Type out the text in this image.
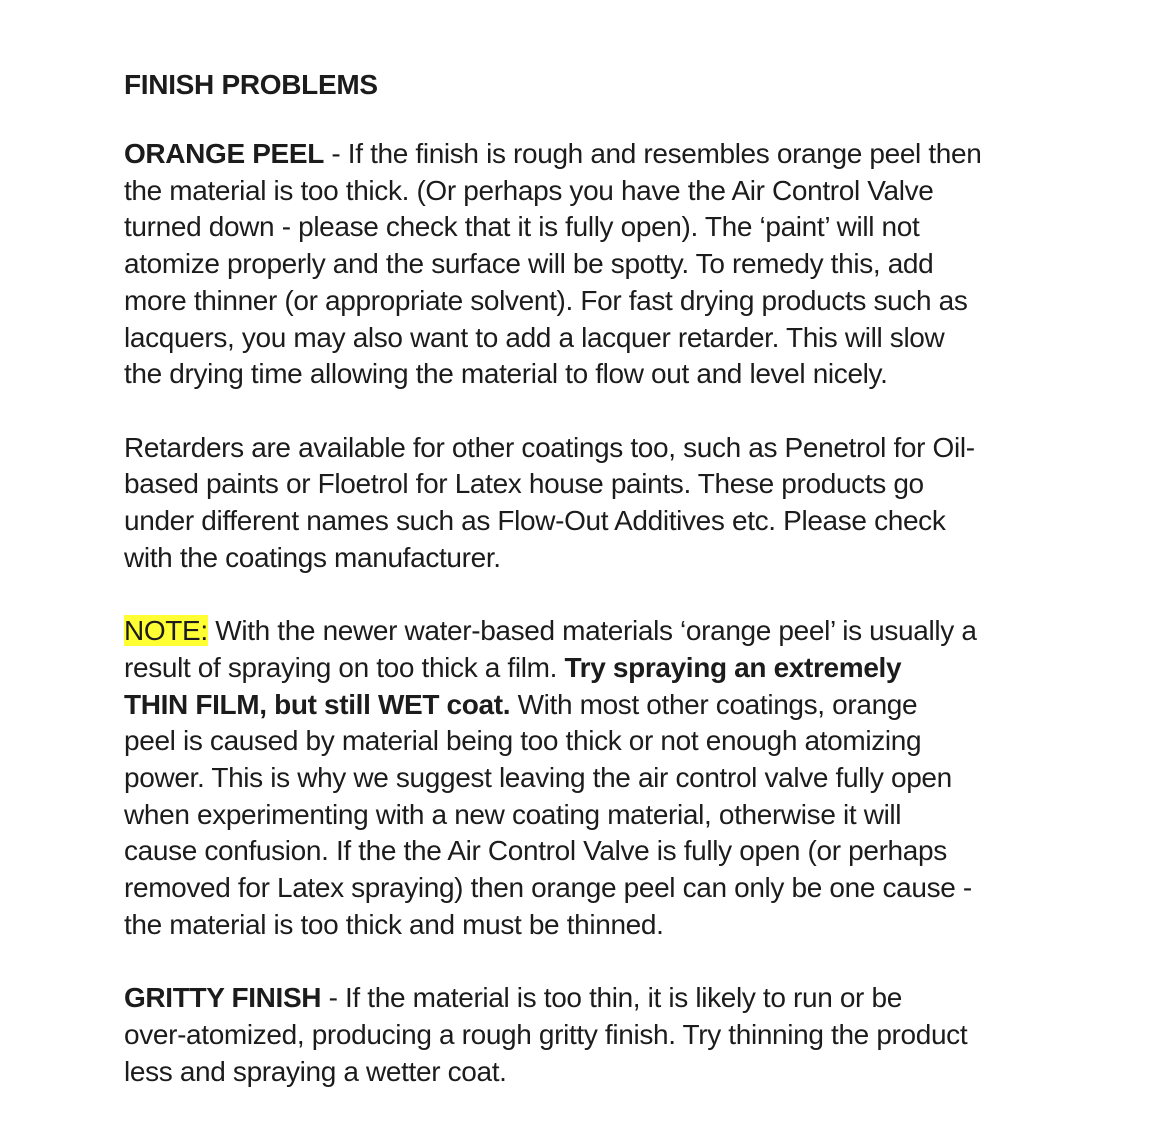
FINISH PROBLEMS

ORANGE PEEL - If the finish is rough and resembles orange peel then
the material is too thick. (Or perhaps you have the Air Control Valve
turned down - please check that it is fully open). The ‘paint’ will not
atomize properly and the surface will be spotty. To remedy this, add
more thinner (or appropriate solvent). For fast drying products such as
lacquers, you may also want to add a lacquer retarder. This will slow
the drying time allowing the material to flow out and level nicely.
Retarders are available for other coatings too, such as Penetrol for Oil-
based paints or Floetrol for Latex house paints. These products go
under different names such as Flow-Out Additives etc. Please check
with the coatings manufacturer.
NOTE: With the newer water-based materials ‘orange peel’ is usually a
result of spraying on too thick a film. Try spraying an extremely
THIN FILM, but still WET coat. With most other coatings, orange
peel is caused by material being too thick or not enough atomizing
power. This is why we suggest leaving the air control valve fully open
when experimenting with a new coating material, otherwise it will
cause confusion. If the the Air Control Valve is fully open (or perhaps
removed for Latex spraying) then orange peel can only be one cause -
the material is too thick and must be thinned.
GRITTY FINISH - If the material is too thin, it is likely to run or be
over-atomized, producing a rough gritty finish. Try thinning the product
less and spraying a wetter coat.
